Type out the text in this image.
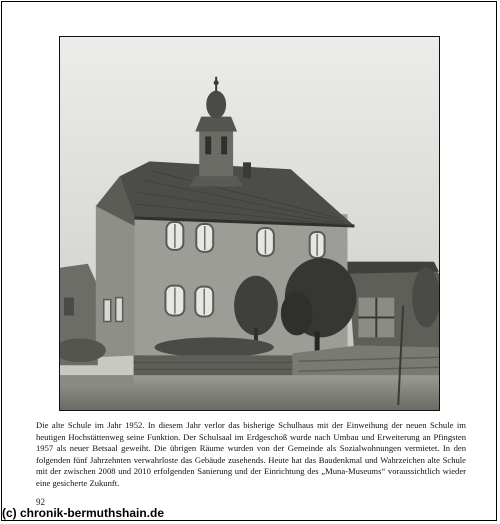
Die alte Schule im Jahr 1952. In diesem Jahr verlor das bisherige Schulhaus mit der Einweihung der neuen Schule im heutigen Hochstättenweg seine Funktion. Der Schulsaal im Erdgeschoß wurde nach Umbau und Erweiterung an Pfingsten 1957 als neuer Betsaal geweiht. Die übrigen Räume wurden von der Gemeinde als Sozialwohnungen vermietet. In den folgenden fünf Jahrzehnten verwahrloste das Gebäude zusehends. Heute hat das Baudenkmal und Wahrzeichen alte Schule mit der zwischen 2008 und 2010 erfolgenden Sanierung und der Einrichtung des „Muna-Museums“ voraussichtlich wieder eine gesicherte Zukunft.

92
(c) chronik-bermuthshain.de
